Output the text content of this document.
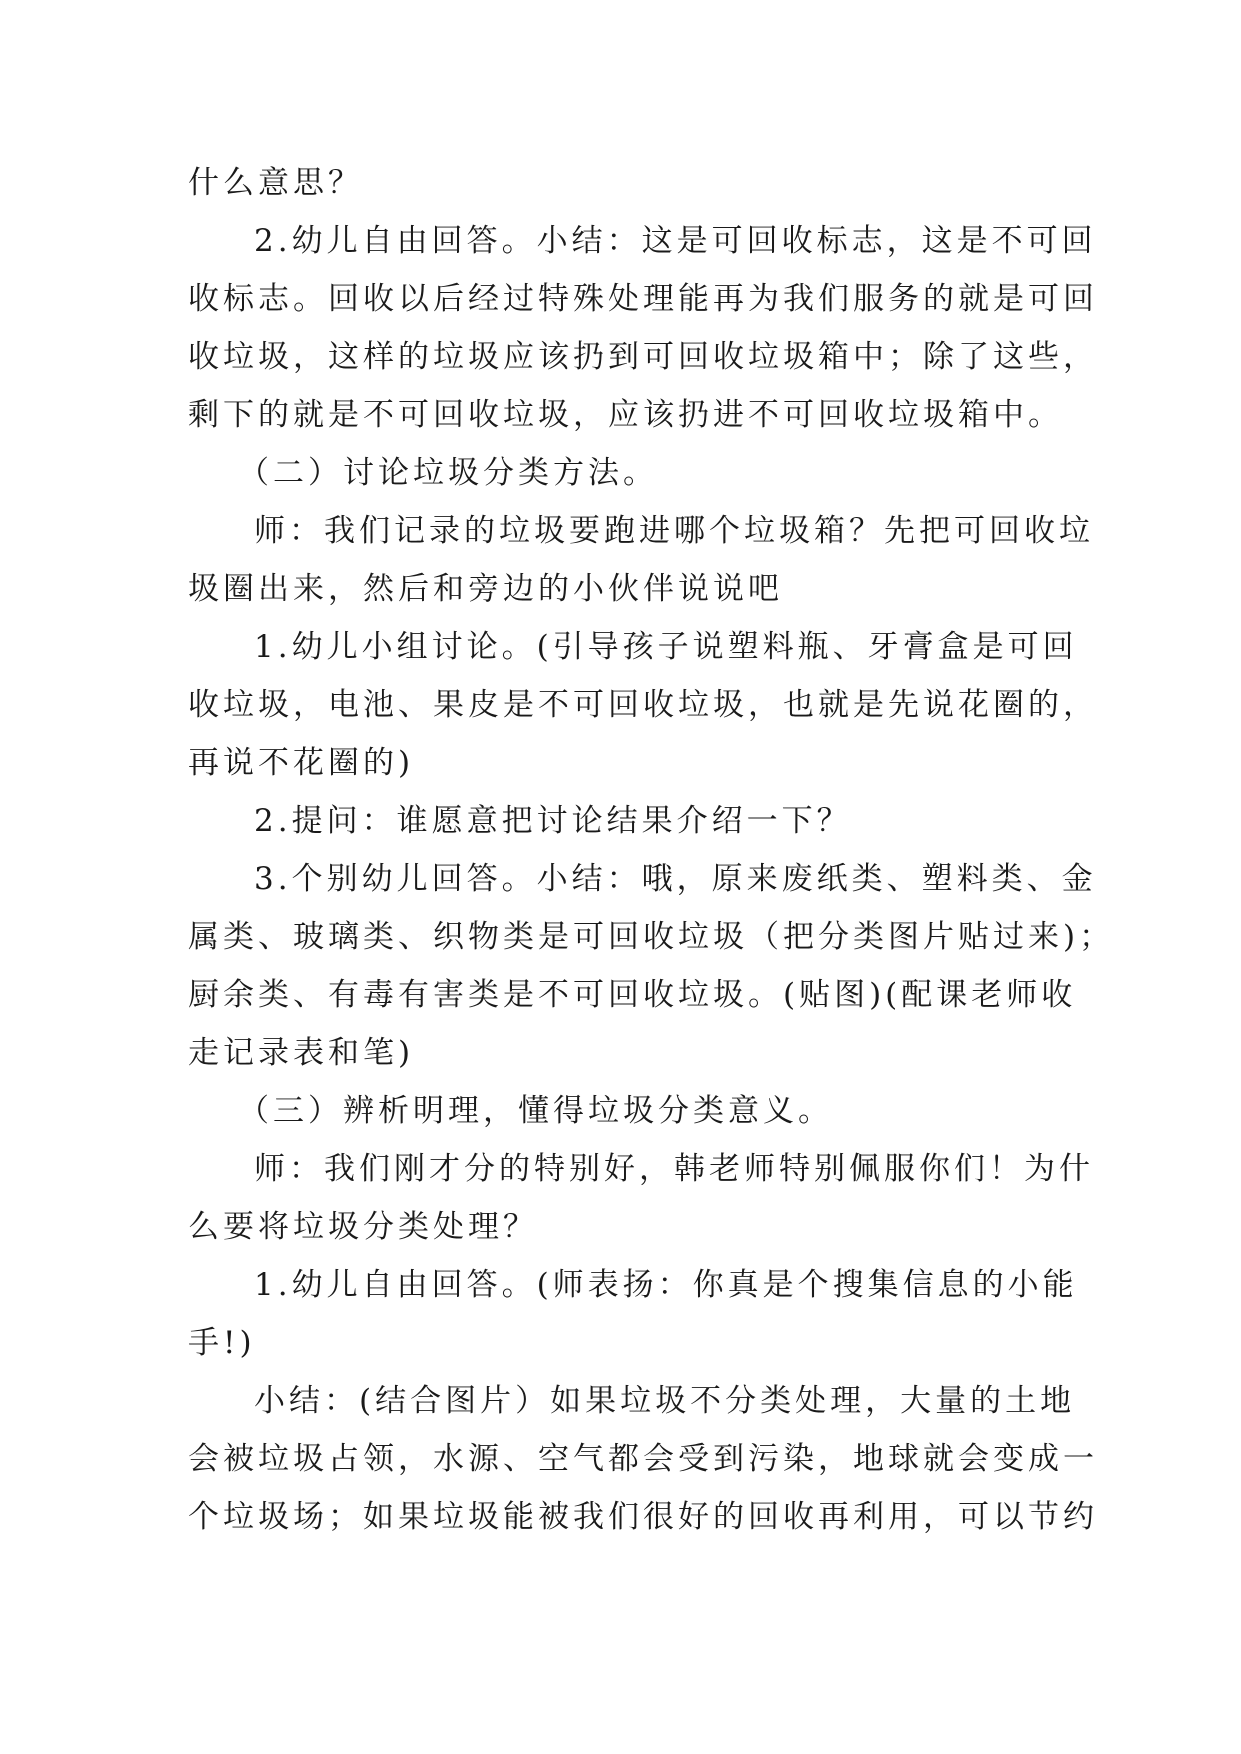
什么意思？
2.幼儿自由回答。小结：这是可回收标志，这是不可回
收标志。回收以后经过特殊处理能再为我们服务的就是可回
收垃圾，这样的垃圾应该扔到可回收垃圾箱中；除了这些，
剩下的就是不可回收垃圾，应该扔进不可回收垃圾箱中。
（二）讨论垃圾分类方法。
师：我们记录的垃圾要跑进哪个垃圾箱？先把可回收垃
圾圈出来，然后和旁边的小伙伴说说吧
1.幼儿小组讨论。(引导孩子说塑料瓶、牙膏盒是可回
收垃圾，电池、果皮是不可回收垃圾，也就是先说花圈的，
再说不花圈的)
2.提问：谁愿意把讨论结果介绍一下？
3.个别幼儿回答。小结：哦，原来废纸类、塑料类、金
属类、玻璃类、织物类是可回收垃圾（把分类图片贴过来)；
厨余类、有毒有害类是不可回收垃圾。(贴图)(配课老师收
走记录表和笔)
（三）辨析明理，懂得垃圾分类意义。
师：我们刚才分的特别好，韩老师特别佩服你们！为什
么要将垃圾分类处理？
1.幼儿自由回答。(师表扬：你真是个搜集信息的小能
手!)
小结：(结合图片）如果垃圾不分类处理，大量的土地
会被垃圾占领，水源、空气都会受到污染，地球就会变成一
个垃圾场；如果垃圾能被我们很好的回收再利用，可以节约
